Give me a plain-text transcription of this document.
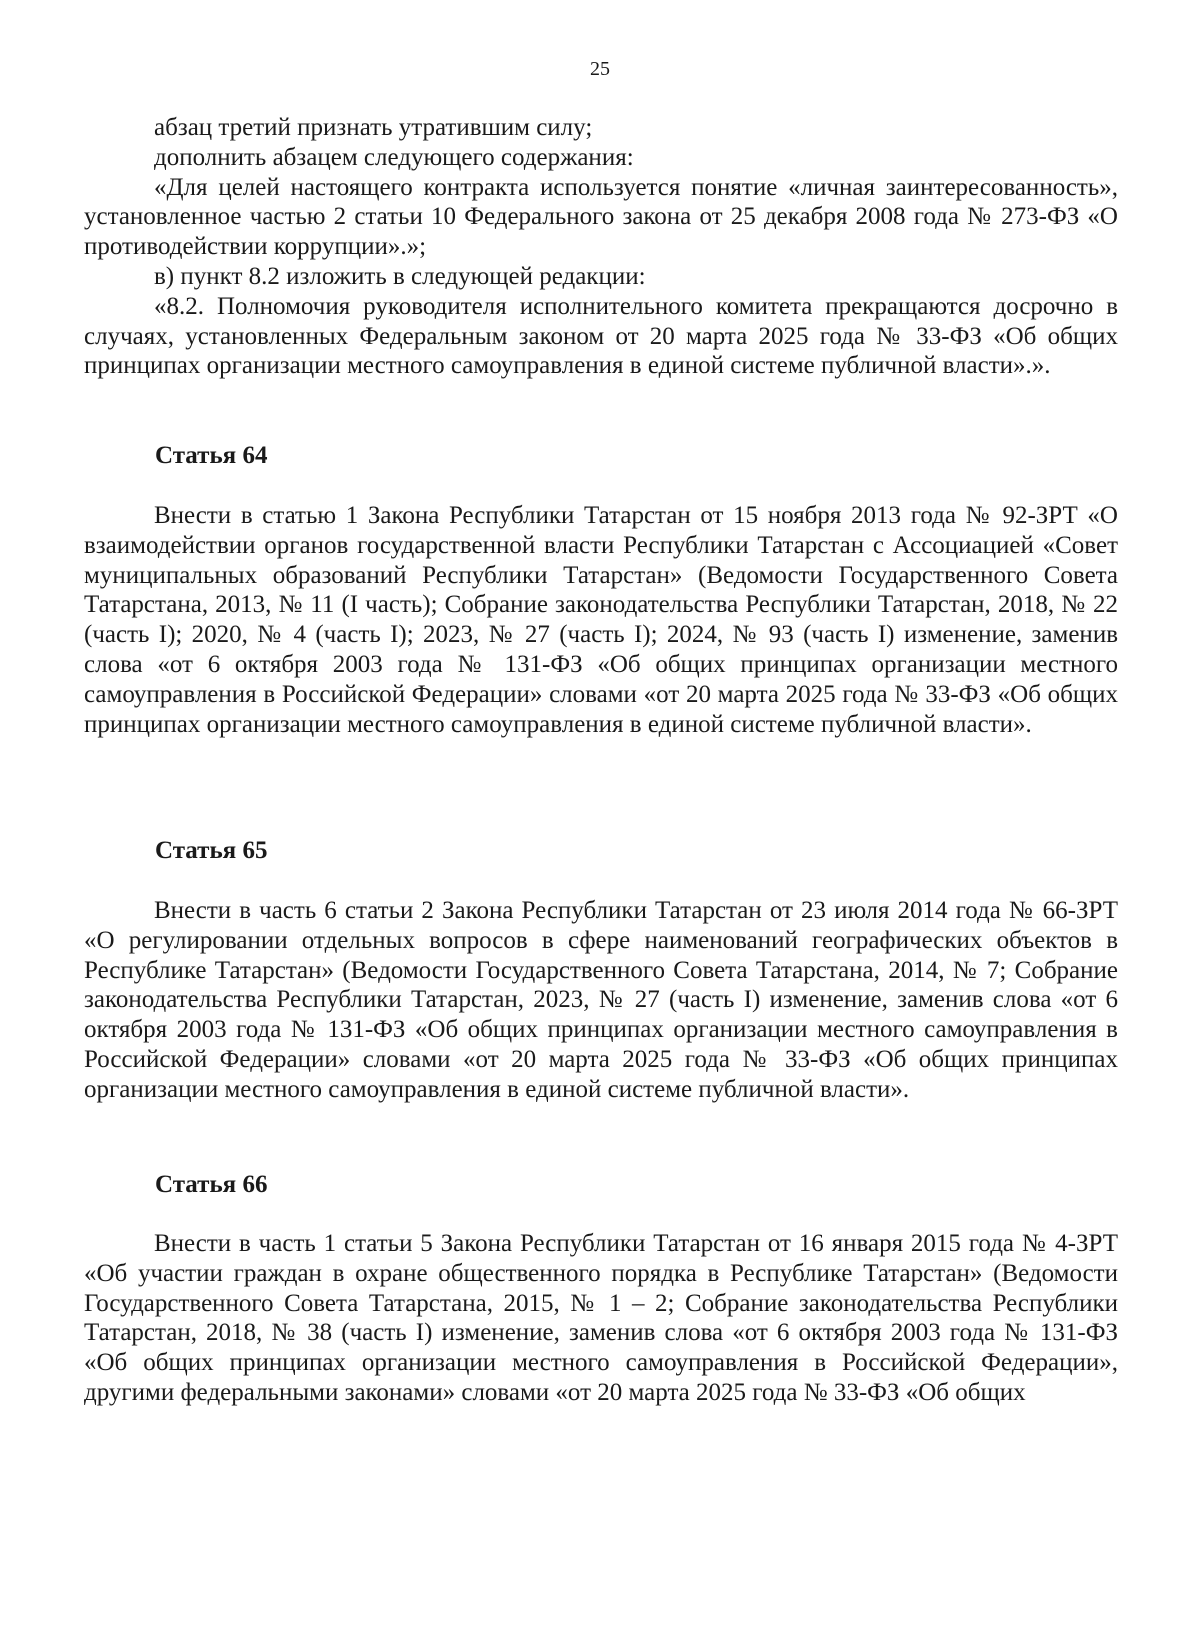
25

абзац третий признать утратившим силу;

дополнить абзацем следующего содержания:

«Для целей настоящего контракта используется понятие «личная заинтересованность», установленное частью 2 статьи 10 Федерального закона от 25 декабря 2008 года № 273-ФЗ «О противодействии коррупции».»;

в) пункт 8.2 изложить в следующей редакции:

«8.2. Полномочия руководителя исполнительного комитета прекращаются досрочно в случаях, установленных Федеральным законом от 20 марта 2025 года № 33-ФЗ «Об общих принципах организации местного самоуправления в единой системе публичной власти».».

Статья 64

Внести в статью 1 Закона Республики Татарстан от 15 ноября 2013 года № 92-ЗРТ «О взаимодействии органов государственной власти Республики Татарстан с Ассоциацией «Совет муниципальных образований Республики Татарстан» (Ведомости Государственного Совета Татарстана, 2013, № 11 (I часть); Собрание законодательства Республики Татарстан, 2018, № 22 (часть I); 2020, № 4 (часть I); 2023, № 27 (часть I); 2024, № 93 (часть I) изменение, заменив слова «от 6 октября 2003 года № 131-ФЗ «Об общих принципах организации местного самоуправления в Российской Федерации» словами «от 20 марта 2025 года № 33-ФЗ «Об общих принципах организации местного самоуправления в единой системе публичной власти».

Статья 65

Внести в часть 6 статьи 2 Закона Республики Татарстан от 23 июля 2014 года № 66-ЗРТ «О регулировании отдельных вопросов в сфере наименований географических объектов в Республике Татарстан» (Ведомости Государственного Совета Татарстана, 2014, № 7; Собрание законодательства Республики Татарстан, 2023, № 27 (часть I) изменение, заменив слова «от 6 октября 2003 года № 131-ФЗ «Об общих принципах организации местного самоуправления в Российской Федерации» словами «от 20 марта 2025 года № 33-ФЗ «Об общих принципах организации местного самоуправления в единой системе публичной власти».

Статья 66

Внести в часть 1 статьи 5 Закона Республики Татарстан от 16 января 2015 года № 4-ЗРТ «Об участии граждан в охране общественного порядка в Республике Татарстан» (Ведомости Государственного Совета Татарстана, 2015, № 1 – 2; Собрание законодательства Республики Татарстан, 2018, № 38 (часть I) изменение, заменив слова «от 6 октября 2003 года № 131-ФЗ «Об общих принципах организации местного самоуправления в Российской Федерации», другими федеральными законами» словами «от 20 марта 2025 года № 33-ФЗ «Об общих
